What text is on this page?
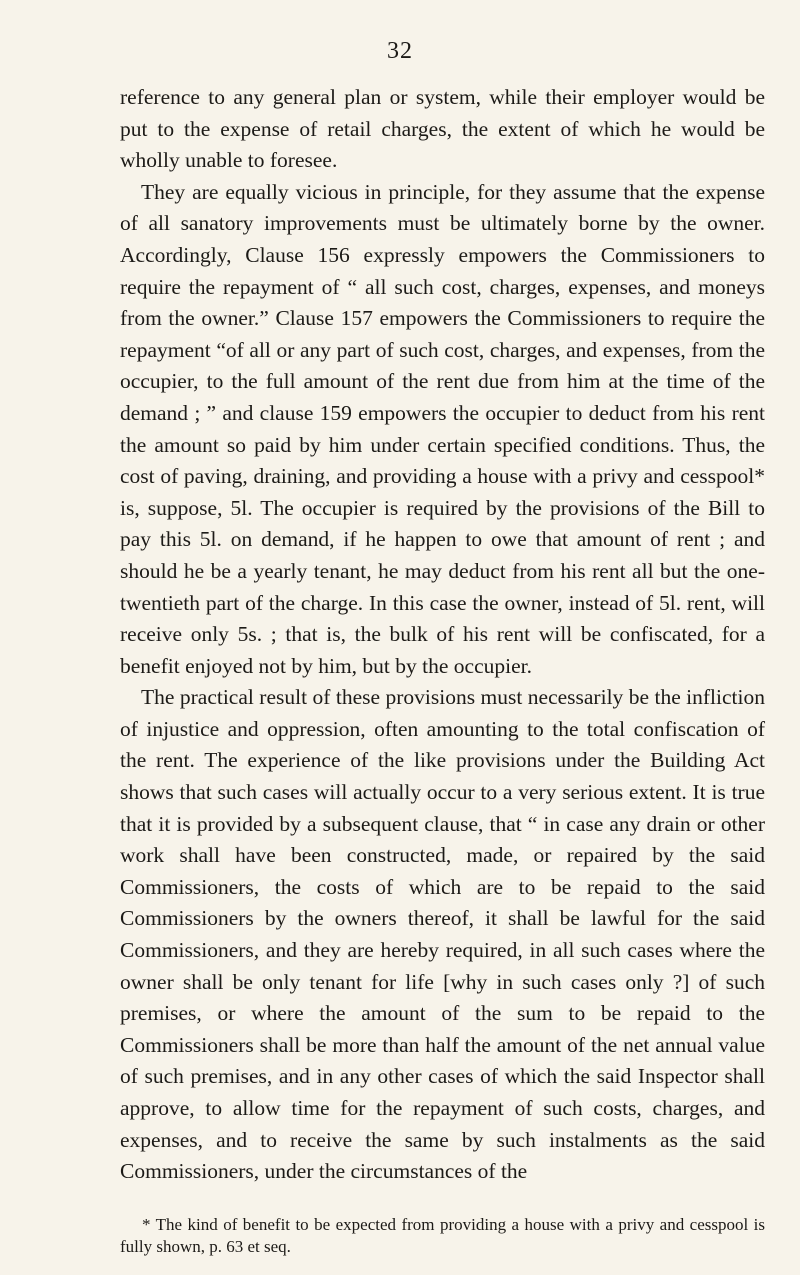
32

reference to any general plan or system, while their employer would be put to the expense of retail charges, the extent of which he would be wholly unable to foresee.

They are equally vicious in principle, for they assume that the expense of all sanatory improvements must be ultimately borne by the owner. Accordingly, Clause 156 expressly empowers the Commissioners to require the repayment of “ all such cost, charges, expenses, and moneys from the owner.” Clause 157 empowers the Commissioners to require the repayment “of all or any part of such cost, charges, and expenses, from the occupier, to the full amount of the rent due from him at the time of the demand ; ” and clause 159 empowers the occupier to deduct from his rent the amount so paid by him under certain specified conditions. Thus, the cost of paving, draining, and providing a house with a privy and cesspool* is, suppose, 5l. The occupier is required by the provisions of the Bill to pay this 5l. on demand, if he happen to owe that amount of rent ; and should he be a yearly tenant, he may deduct from his rent all but the one-twentieth part of the charge. In this case the owner, instead of 5l. rent, will receive only 5s. ; that is, the bulk of his rent will be confiscated, for a benefit enjoyed not by him, but by the occupier.

The practical result of these provisions must necessarily be the infliction of injustice and oppression, often amounting to the total confiscation of the rent. The experience of the like provisions under the Building Act shows that such cases will actually occur to a very serious extent. It is true that it is provided by a subsequent clause, that “ in case any drain or other work shall have been constructed, made, or repaired by the said Commissioners, the costs of which are to be repaid to the said Commissioners by the owners thereof, it shall be lawful for the said Commissioners, and they are hereby required, in all such cases where the owner shall be only tenant for life [why in such cases only ?] of such premises, or where the amount of the sum to be repaid to the Commissioners shall be more than half the amount of the net annual value of such premises, and in any other cases of which the said Inspector shall approve, to allow time for the repayment of such costs, charges, and expenses, and to receive the same by such instalments as the said Commissioners, under the circumstances of the

* The kind of benefit to be expected from providing a house with a privy and cesspool is fully shown, p. 63 et seq.
